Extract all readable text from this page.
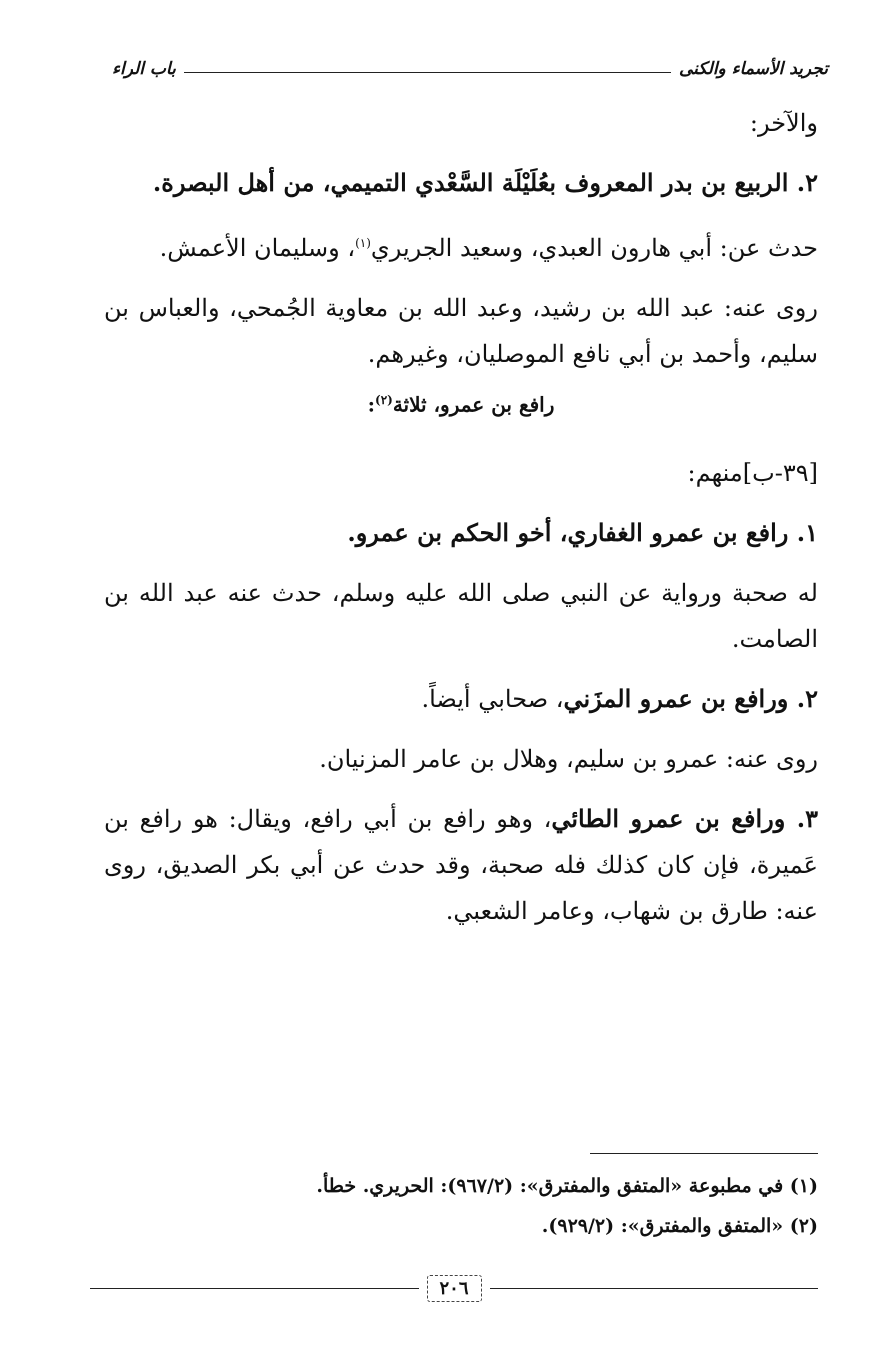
تجريد الأسماء والكنى
باب الراء

والآخر:

٢. الربيع بن بدر المعروف بعُلَيْلَة السَّعْدي التميمي، من أهل البصرة.

حدث عن: أبي هارون العبدي، وسعيد الجريري$^{(١)}$، وسليمان الأعمش.

روى عنه: عبد الله بن رشيد، وعبد الله بن معاوية الجُمحي، والعباس بن سليم، وأحمد بن أبي نافع الموصليان، وغيرهم.

رافع بن عمرو، ثلاثة$^{(٢)}$:

[٣٩-ب]منهم:

١. رافع بن عمرو الغفاري، أخو الحكم بن عمرو.

له صحبة ورواية عن النبي صلى الله عليه وسلم، حدث عنه عبد الله بن الصامت.

٢. ورافع بن عمرو المزَني، صحابي أيضاً.

روى عنه: عمرو بن سليم، وهلال بن عامر المزنيان.

٣. ورافع بن عمرو الطائي، وهو رافع بن أبي رافع، ويقال: هو رافع بن عَميرة، فإن كان كذلك فله صحبة، وقد حدث عن أبي بكر الصديق، روى عنه: طارق بن شهاب، وعامر الشعبي.

(١) في مطبوعة «المتفق والمفترق»: (٩٦٧/٢): الحريري. خطأ.

(٢) «المتفق والمفترق»: (٩٢٩/٢).

٢٠٦
